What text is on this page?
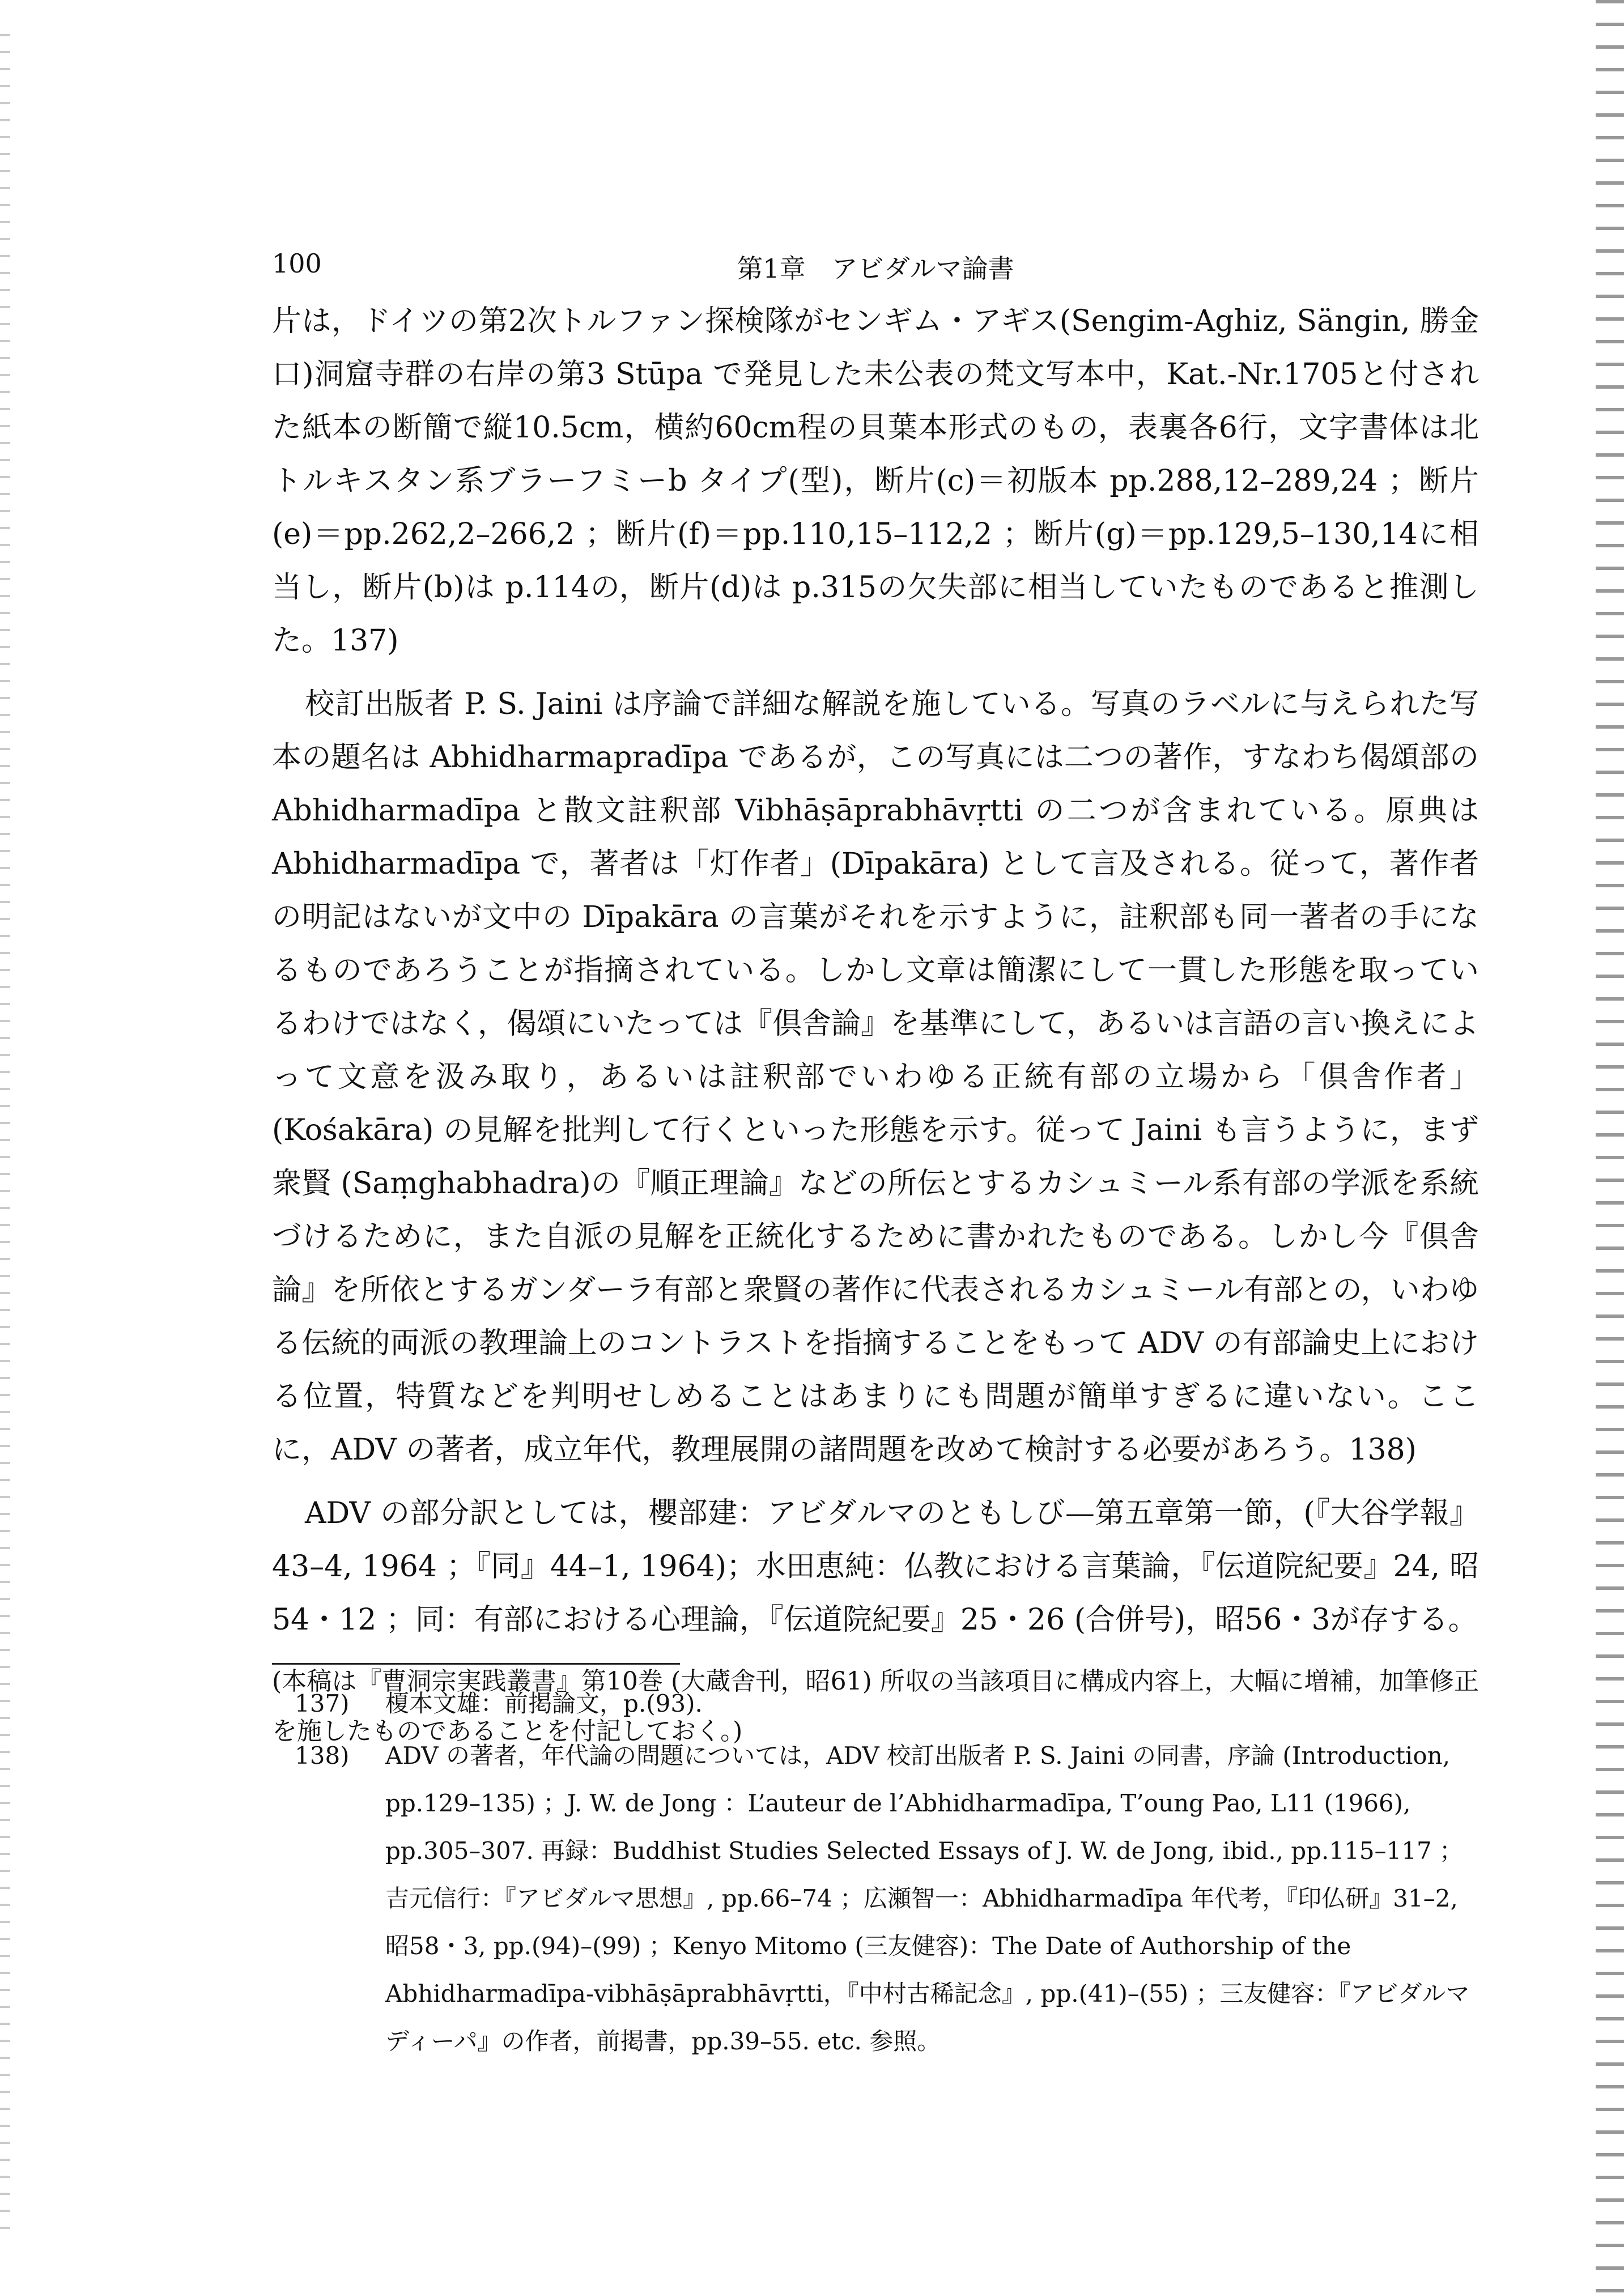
100	第1章　アビダルマ論書

片は，ドイツの第2次トルファン探検隊がセンギム・アギス(Sengim-Aghiz, Sängin, 勝金口)洞窟寺群の右岸の第3 Stūpa で発見した未公表の梵文写本中，Kat.-Nr.1705と付された紙本の断簡で縦10.5cm，横約60cm程の貝葉本形式のもの，表裏各6行，文字書体は北トルキスタン系ブラーフミーb タイプ(型)，断片(c)＝初版本 pp.288,12–289,24 ；断片(e)＝pp.262,2–266,2 ；断片(f)＝pp.110,15–112,2 ；断片(g)＝pp.129,5–130,14に相当し，断片(b)は p.114の，断片(d)は p.315の欠失部に相当していたものであると推測した。137)

校訂出版者 P. S. Jaini は序論で詳細な解説を施している。写真のラベルに与えられた写本の題名は Abhidharmapradīpa であるが，この写真には二つの著作，すなわち偈頌部の Abhidharmadīpa と散文註釈部 Vibhāṣāprabhāvṛtti の二つが含まれている。原典は Abhidharmadīpa で，著者は「灯作者」(Dīpakāra) として言及される。従って，著作者の明記はないが文中の Dīpakāra の言葉がそれを示すように，註釈部も同一著者の手になるものであろうことが指摘されている。しかし文章は簡潔にして一貫した形態を取っているわけではなく，偈頌にいたっては『倶舎論』を基準にして，あるいは言語の言い換えによって文意を汲み取り，あるいは註釈部でいわゆる正統有部の立場から「倶舎作者」(Kośakāra) の見解を批判して行くといった形態を示す。従って Jaini も言うように，まず衆賢 (Saṃghabhadra)の『順正理論』などの所伝とするカシュミール系有部の学派を系統づけるために，また自派の見解を正統化するために書かれたものである。しかし今『倶舎論』を所依とするガンダーラ有部と衆賢の著作に代表されるカシュミール有部との，いわゆる伝統的両派の教理論上のコントラストを指摘することをもって ADV の有部論史上における位置，特質などを判明せしめることはあまりにも問題が簡単すぎるに違いない。ここに，ADV の著者，成立年代，教理展開の諸問題を改めて検討する必要があろう。138)

ADV の部分訳としては，櫻部建：アビダルマのともしび—第五章第一節，(『大谷学報』43–4, 1964 ；『同』44–1, 1964)；水田恵純：仏教における言葉論，『伝道院紀要』24, 昭54・12 ；同：有部における心理論，『伝道院紀要』25・26 (合併号)，昭56・3が存する。

(本稿は『曹洞宗実践叢書』第10巻 (大蔵舎刊，昭61) 所収の当該項目に構成内容上，大幅に増補，加筆修正を施したものであることを付記しておく。)

137) 榎本文雄：前掲論文，p.(93).
138) ADV の著者，年代論の問題については，ADV 校訂出版者 P. S. Jaini の同書，序論 (Introduction, pp.129–135) ；J. W. de Jong ：L’auteur de l’Abhidharmadīpa, T’oung Pao, L11 (1966), pp.305–307. 再録：Buddhist Studies Selected Essays of J. W. de Jong, ibid., pp.115–117 ；吉元信行：『アビダルマ思想』, pp.66–74 ；広瀬智一：Abhidharmadīpa 年代考，『印仏研』31–2, 昭58・3, pp.(94)–(99) ；Kenyo Mitomo (三友健容)：The Date of Authorship of the Abhidharmadīpa-vibhāṣāprabhāvṛtti，『中村古稀記念』, pp.(41)–(55) ；三友健容：『アビダルマディーパ』の作者，前掲書，pp.39–55. etc. 参照。
